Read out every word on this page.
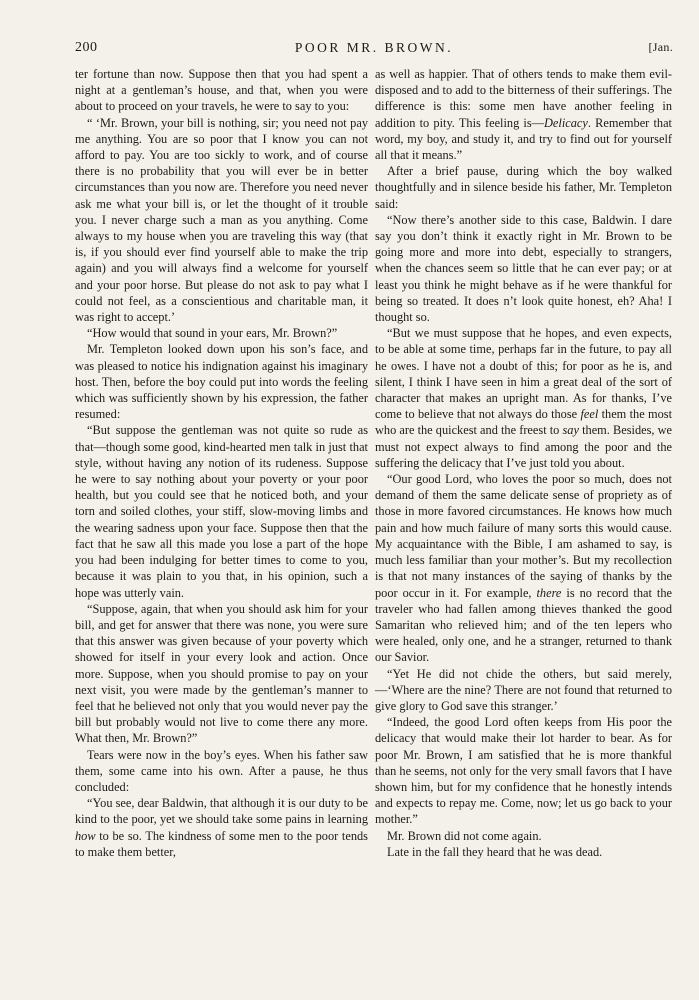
200	POOR MR. BROWN.	[Jan.

ter fortune than now. Suppose then that you had spent a night at a gentleman’s house, and that, when you were about to proceed on your travels, he were to say to you:

“ ‘Mr. Brown, your bill is nothing, sir; you need not pay me anything. You are so poor that I know you can not afford to pay. You are too sickly to work, and of course there is no probability that you will ever be in better circumstances than you now are. Therefore you need never ask me what your bill is, or let the thought of it trouble you. I never charge such a man as you anything. Come always to my house when you are traveling this way (that is, if you should ever find yourself able to make the trip again) and you will always find a welcome for yourself and your poor horse. But please do not ask to pay what I could not feel, as a conscientious and charitable man, it was right to accept.’

“How would that sound in your ears, Mr. Brown?”

Mr. Templeton looked down upon his son’s face, and was pleased to notice his indignation against his imaginary host. Then, before the boy could put into words the feeling which was sufficiently shown by his expression, the father resumed:

“But suppose the gentleman was not quite so rude as that—though some good, kind-hearted men talk in just that style, without having any notion of its rudeness. Suppose he were to say nothing about your poverty or your poor health, but you could see that he noticed both, and your torn and soiled clothes, your stiff, slow-moving limbs and the wearing sadness upon your face. Suppose then that the fact that he saw all this made you lose a part of the hope you had been indulging for better times to come to you, because it was plain to you that, in his opinion, such a hope was utterly vain.

“Suppose, again, that when you should ask him for your bill, and get for answer that there was none, you were sure that this answer was given because of your poverty which showed for itself in your every look and action. Once more. Suppose, when you should promise to pay on your next visit, you were made by the gentleman’s manner to feel that he believed not only that you would never pay the bill but probably would not live to come there any more. What then, Mr. Brown?”

Tears were now in the boy’s eyes. When his father saw them, some came into his own. After a pause, he thus concluded:

“You see, dear Baldwin, that although it is our duty to be kind to the poor, yet we should take some pains in learning how to be so. The kindness of some men to the poor tends to make them better,

as well as happier. That of others tends to make them evil-disposed and to add to the bitterness of their sufferings. The difference is this: some men have another feeling in addition to pity. This feeling is—Delicacy. Remember that word, my boy, and study it, and try to find out for yourself all that it means.”

After a brief pause, during which the boy walked thoughtfully and in silence beside his father, Mr. Templeton said:

“Now there’s another side to this case, Baldwin. I dare say you don’t think it exactly right in Mr. Brown to be going more and more into debt, especially to strangers, when the chances seem so little that he can ever pay; or at least you think he might behave as if he were thankful for being so treated. It does n’t look quite honest, eh? Aha! I thought so.

“But we must suppose that he hopes, and even expects, to be able at some time, perhaps far in the future, to pay all he owes. I have not a doubt of this; for poor as he is, and silent, I think I have seen in him a great deal of the sort of character that makes an upright man. As for thanks, I’ve come to believe that not always do those feel them the most who are the quickest and the freest to say them. Besides, we must not expect always to find among the poor and the suffering the delicacy that I’ve just told you about.

“Our good Lord, who loves the poor so much, does not demand of them the same delicate sense of propriety as of those in more favored circumstances. He knows how much pain and how much failure of many sorts this would cause. My acquaintance with the Bible, I am ashamed to say, is much less familiar than your mother’s. But my recollection is that not many instances of the saying of thanks by the poor occur in it. For example, there is no record that the traveler who had fallen among thieves thanked the good Samaritan who relieved him; and of the ten lepers who were healed, only one, and he a stranger, returned to thank our Savior.

“Yet He did not chide the others, but said merely,—‘Where are the nine? There are not found that returned to give glory to God save this stranger.’

“Indeed, the good Lord often keeps from His poor the delicacy that would make their lot harder to bear. As for poor Mr. Brown, I am satisfied that he is more thankful than he seems, not only for the very small favors that I have shown him, but for my confidence that he honestly intends and expects to repay me. Come, now; let us go back to your mother.”

Mr. Brown did not come again.

Late in the fall they heard that he was dead.
